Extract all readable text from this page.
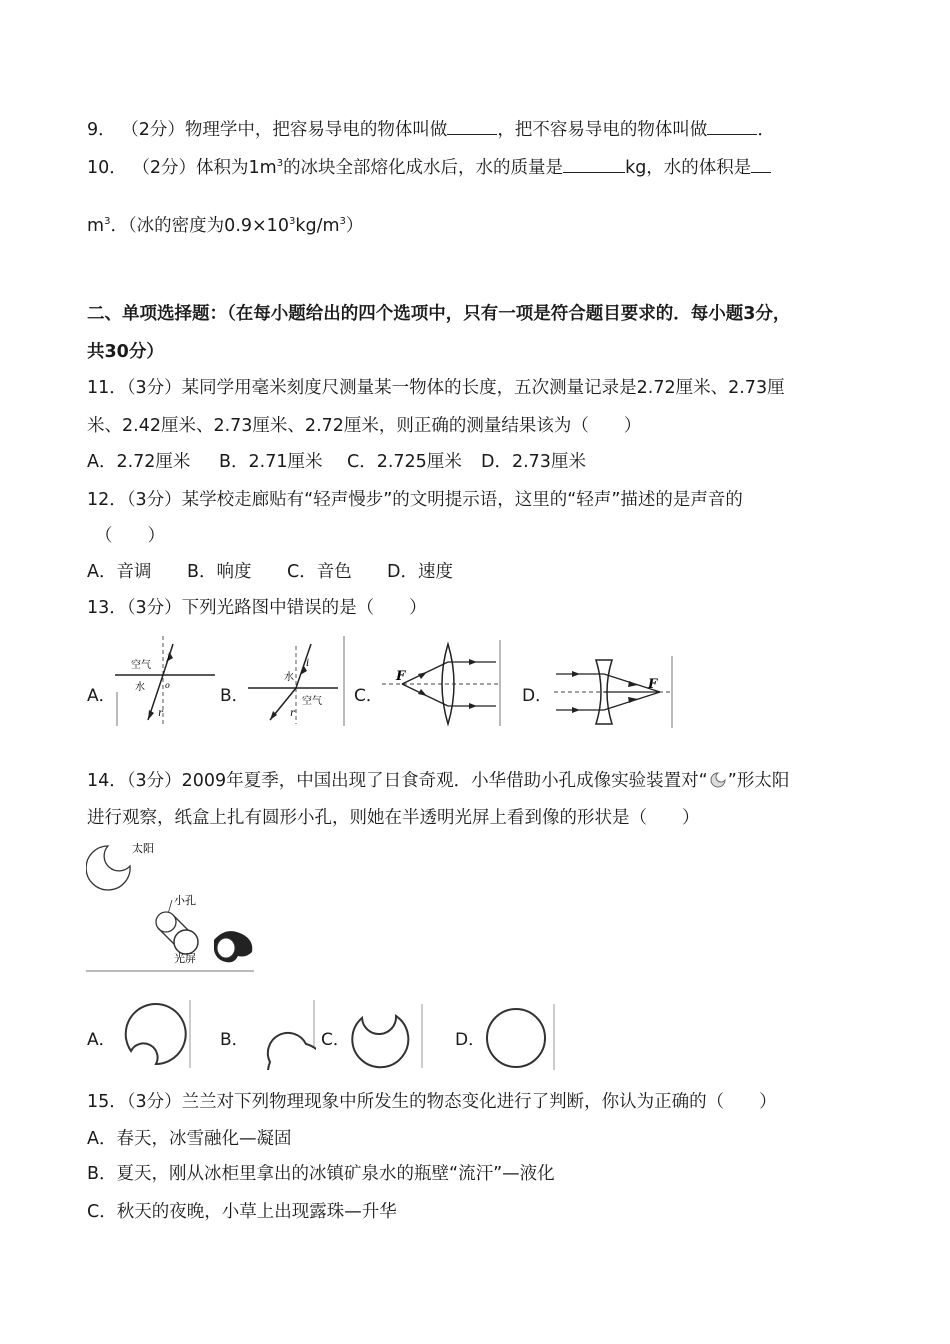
9． （2分）物理学中，把容易导电的物体叫做	，把不容易导电的物体叫做	．
10． （2分）体积为$1m^3$的冰块全部熔化成水后，水的质量是	kg，水的体积是
$m^3$．（冰的密度为$0.9\times 10^3kg/m^3$）
二、单项选择题：（在每小题给出的四个选项中，只有一项是符合题目要求的．每小题3分，
共30分）
11．（3分）某同学用毫米刻度尺测量某一物体的长度，五次测量记录是2.72厘米、2.73厘
米、2.42厘米、2.73厘米、2.72厘米，则正确的测量结果该为（　　）
A．2.72厘米 B．2.71厘米 C．2.725厘米 D．2.73厘米
12．（3分）某学校走廊贴有“轻声慢步”的文明提示语，这里的“轻声”描述的是声音的
（　　）
A．音调 B．响度 C．音色 D．速度
13．（3分）下列光路图中错误的是（　　）
A．
空气
水
i
r
o
B．
水
空气
i
r
C．
F
D．
F
14．（3分）2009年夏季，中国出现了日食奇观．小华借助小孔成像实验装置对“ ”形太阳
进行观察，纸盒上扎有圆形小孔，则她在半透明光屏上看到像的形状是（　　）
太阳
小孔
光屏
A．	B．	C．	D．
15．（3分）兰兰对下列物理现象中所发生的物态变化进行了判断，你认为正确的（　　）
A．春天，冰雪融化—凝固
B．夏天，刚从冰柜里拿出的冰镇矿泉水的瓶壁“流汗”—液化
C．秋天的夜晚，小草上出现露珠—升华
